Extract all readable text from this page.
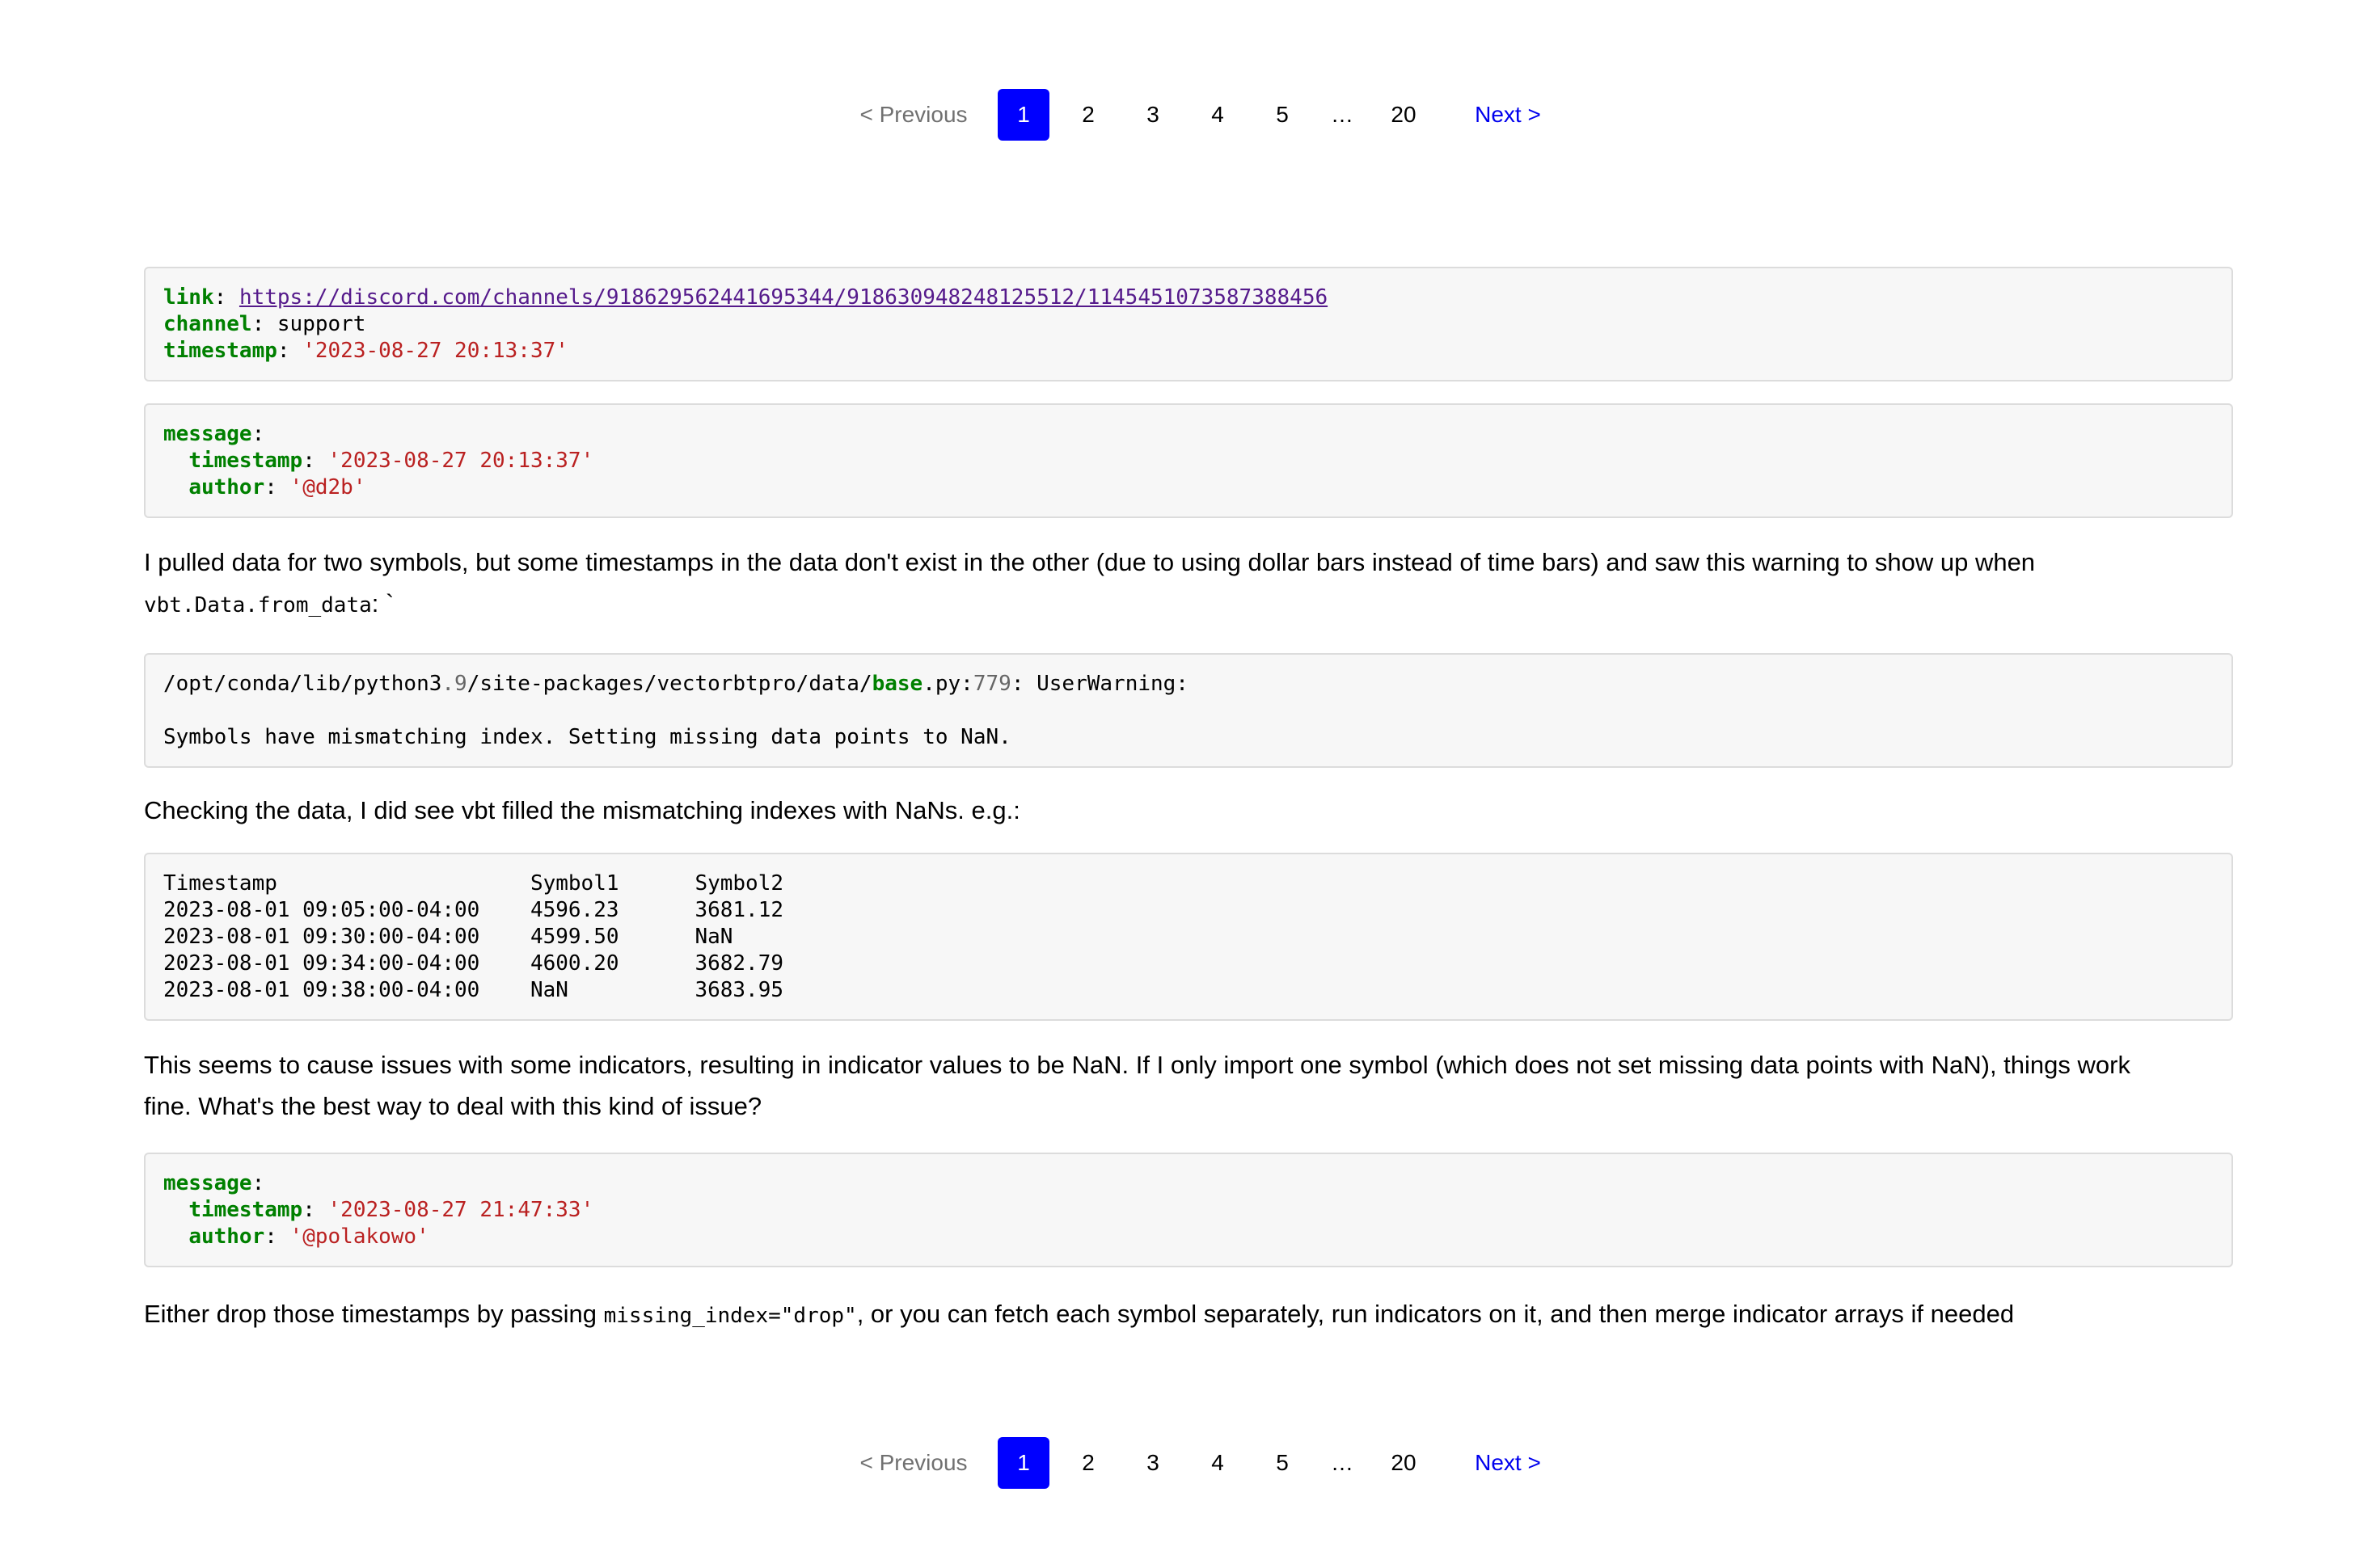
< Previous	1	2	3	4	5	…	20	Next >
link: https://discord.com/channels/918629562441695344/918630948248125512/1145451073587388456
channel: support
timestamp: '2023-08-27 20:13:37'
message:
timestamp: '2023-08-27 20:13:37'
author: '@d2b'
I pulled data for two symbols, but some timestamps in the data don't exist in the other (due to using dollar bars instead of time bars) and saw this warning to show up when
vbt.Data.from_data: `
/opt/conda/lib/python3.9/site-packages/vectorbtpro/data/base.py:779: UserWarning:

Symbols have mismatching index. Setting missing data points to NaN.
Checking the data, I did see vbt filled the mismatching indexes with NaNs. e.g.:
Timestamp                    Symbol1      Symbol2
2023-08-01 09:05:00-04:00    4596.23      3681.12
2023-08-01 09:30:00-04:00    4599.50      NaN
2023-08-01 09:34:00-04:00    4600.20      3682.79
2023-08-01 09:38:00-04:00    NaN          3683.95
This seems to cause issues with some indicators, resulting in indicator values to be NaN. If I only import one symbol (which does not set missing data points with NaN), things work
fine. What's the best way to deal with this kind of issue?
message:
timestamp: '2023-08-27 21:47:33'
author: '@polakowo'
Either drop those timestamps by passing missing_index="drop", or you can fetch each symbol separately, run indicators on it, and then merge indicator arrays if needed
< Previous	1	2	3	4	5	…	20	Next >
